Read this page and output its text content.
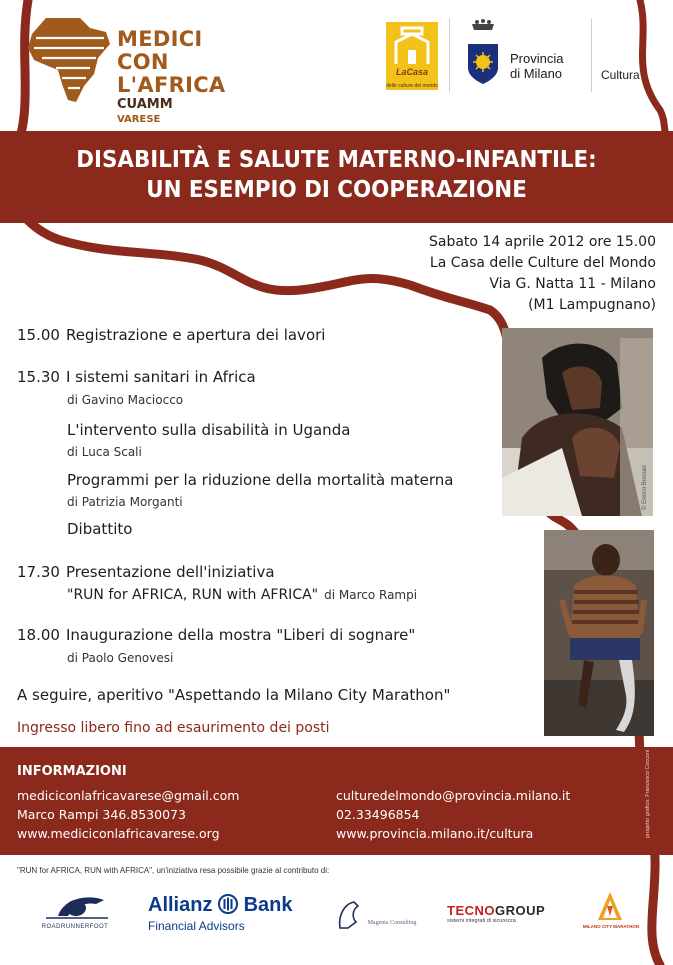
MEDICI
CON L'AFRICA
CUAMM
VARESE
LaCasa
delle culture del mondo
Provincia
di Milano	Cultura
DISABILITÀ E SALUTE MATERNO-INFANTILE:
UN ESEMPIO DI COOPERAZIONE
Sabato 14 aprile 2012 ore 15.00
La Casa delle Culture del Mondo
Via G. Natta 11 - Milano
(M1 Lampugnano)
15.00 Registrazione e apertura dei lavori
15.30 I sistemi sanitari in Africa
di Gavino Maciocco
L'intervento sulla disabilità in Uganda
di Luca Scali
Programmi per la riduzione della mortalità materna
di Patrizia Morganti
Dibattito
17.30 Presentazione dell'iniziativa
"RUN for AFRICA, RUN with AFRICA" di Marco Rampi
18.00 Inaugurazione della mostra "Liberi di sognare"
di Paolo Genovesi
A seguire, aperitivo "Aspettando la Milano City Marathon"
Ingresso libero fino ad esaurimento dei posti
© Enrico Bossan
INFORMAZIONI
mediciconlafricavarese@gmail.com
Marco Rampi 346.8530073
www.mediciconlafricavarese.org
culturedelmondo@provincia.milano.it
02.33496854
www.provincia.milano.it/cultura	progetto grafico: Francesco Cocconi
"RUN for AFRICA, RUN with AFRICA", un'iniziativa resa possibile grazie al contributo di:
ROADRUNNERFOOT
Allianz Bank
Financial Advisors	Magenta Consulting
TECNOGROUP
sistemi integrati di sicurezza
MILANO CITY MARATHON
